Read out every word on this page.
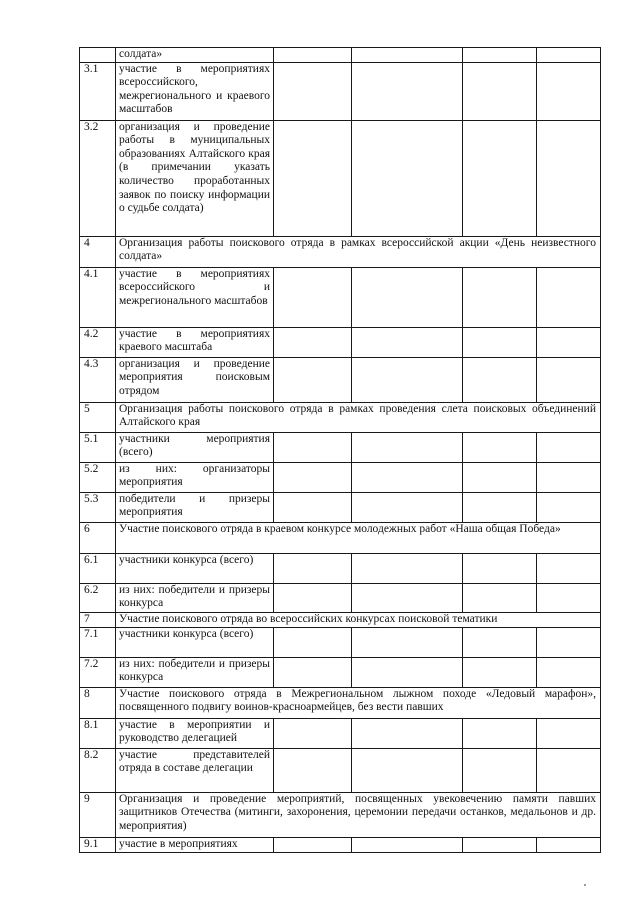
	солдата»				
3.1	участие в мероприятиях всероссийского, межрегионального и краевого масштабов				
3.2	организация и проведение работы в муниципальных образованиях Алтайского края (в примечании указать количество проработанных заявок по поиску информации о судьбе солдата)				
4	Организация работы поискового отряда в рамках всероссийской акции «День неизвестного солдата»				
4.1	участие в мероприятиях всероссийского и межрегионального масштабов				
4.2	участие в мероприятиях краевого масштаба				
4.3	организация и проведение мероприятия поисковым отрядом				
5	Организация работы поискового отряда в рамках проведения слета поисковых объединений Алтайского края				
5.1	участники мероприятия (всего)				
5.2	из них: организаторы мероприятия				
5.3	победители и призеры мероприятия				
6	Участие поискового отряда в краевом конкурсе молодежных работ «Наша общая Победа»				
6.1	участники конкурса (всего)				
6.2	из них: победители и призеры конкурса				
7	Участие поискового отряда во всероссийских конкурсах поисковой тематики				
7.1	участники конкурса (всего)				
7.2	из них: победители и призеры конкурса				
8	Участие поискового отряда в Межрегиональном лыжном походе «Ледовый марафон», посвященного подвигу воинов-красноармейцев, без вести павших				
8.1	участие в мероприятии и руководство делегацией				
8.2	участие представителей отряда в составе делегации				
9	Организация и проведение мероприятий, посвященных увековечению памяти павших защитников Отечества (митинги, захоронения, церемонии передачи останков, медальонов и др. мероприятия)				
9.1	участие в мероприятиях				
